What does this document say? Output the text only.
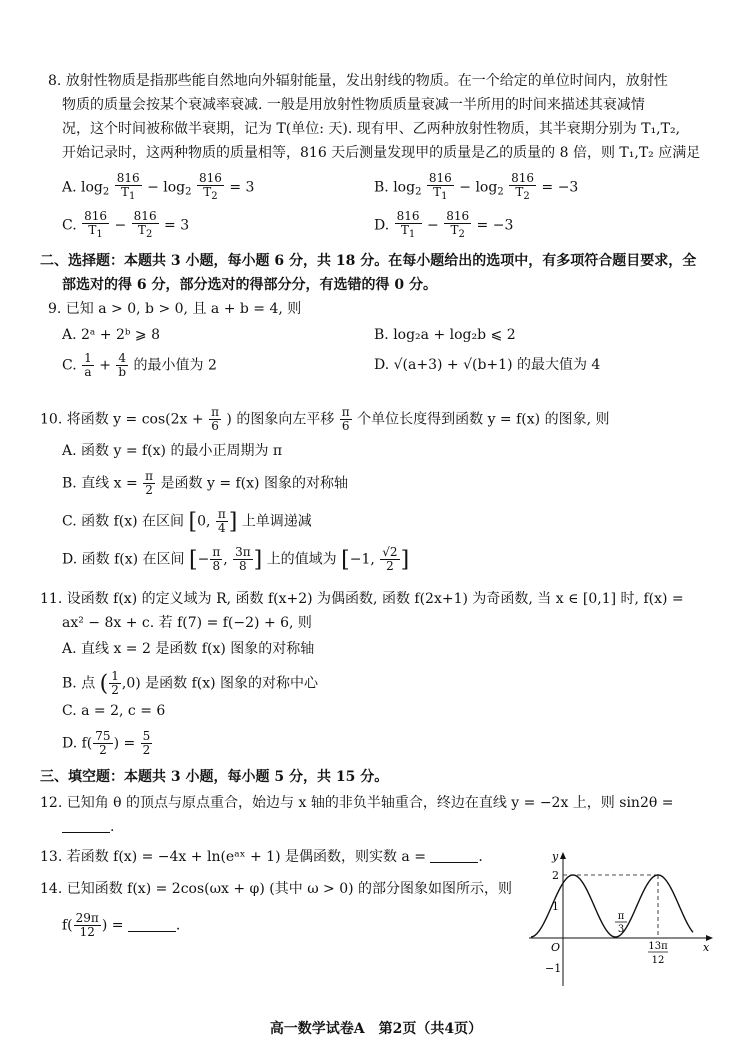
8. 放射性物质是指那些能自然地向外辐射能量，发出射线的物质。在一个给定的单位时间内，放射性
物质的质量会按某个衰减率衰减. 一般是用放射性物质质量衰减一半所用的时间来描述其衰减情
况，这个时间被称做半衰期，记为 T(单位: 天). 现有甲、乙两种放射性物质，其半衰期分别为 T₁,T₂,
开始记录时，这两种物质的质量相等，816 天后测量发现甲的质量是乙的质量的 8 倍，则 T₁,T₂ 应满足
A. $\log_2 \frac{816}{T_1} - \log_2 \frac{816}{T_2} = 3$	B. $\log_2 \frac{816}{T_1} - \log_2 \frac{816}{T_2} = -3$
C. $\frac{816}{T_1} - \frac{816}{T_2} = 3$	D. $\frac{816}{T_1} - \frac{816}{T_2} = -3$
二、选择题：本题共 3 小题，每小题 6 分，共 18 分。在每小题给出的选项中，有多项符合题目要求，全
部选对的得 6 分，部分选对的得部分分，有选错的得 0 分。
9. 已知 a > 0, b > 0, 且 a + b = 4, 则
A. 2ᵃ + 2ᵇ ⩾ 8	B. log₂a + log₂b ⩽ 2
C. $\frac{1}{a} + \frac{4}{b}$ 的最小值为 2	D. √(a+3) + √(b+1) 的最大值为 4
10. 将函数 $y = \cos(2x + \frac{\pi}{6}$ ) 的图象向左平移 $\frac{\pi}{6}$ 个单位长度得到函数 y = f(x) 的图象, 则
A. 函数 y = f(x) 的最小正周期为 π
B. 直线 $x = \frac{\pi}{2}$ 是函数 y = f(x) 图象的对称轴
C. 函数 f(x) 在区间 [0, $\frac{\pi}{4}$ ] 上单调递减
D. 函数 f(x) 在区间 [− $\frac{\pi}{8}$ , $\frac{3\pi}{8}$ ] 上的值域为 [−1, $\frac{√2}{2}$ ]
11. 设函数 f(x) 的定义域为 R, 函数 f(x+2) 为偶函数, 函数 f(2x+1) 为奇函数, 当 x ∈ [0,1] 时, f(x) =
ax² − 8x + c. 若 f(7) = f(−2) + 6, 则
A. 直线 x = 2 是函数 f(x) 图象的对称轴
B. 点 ( $\frac{1}{2} ,0$) 是函数 f(x) 图象的对称中心
C. a = 2, c = 6
D. $f( \frac{75}{2}$ ) = $\frac{5}{2}$
三、填空题：本题共 3 小题，每小题 5 分，共 15 分。
12. 已知角 θ 的顶点与原点重合，始边与 x 轴的非负半轴重合，终边在直线 y = −2x 上，则 sin2θ =
.
13. 若函数 f(x) = −4x + ln(eᵃˣ + 1) 是偶函数，则实数 a =	.
14. 已知函数 f(x) = 2cos(ωx + φ) (其中 ω > 0) 的部分图象如图所示，则
$f( \frac{29\pi}{12}$ ) =	.
y
x
O
2
1
−1
π
3
13π
12
高一数学试卷A　第2页（共4页）
